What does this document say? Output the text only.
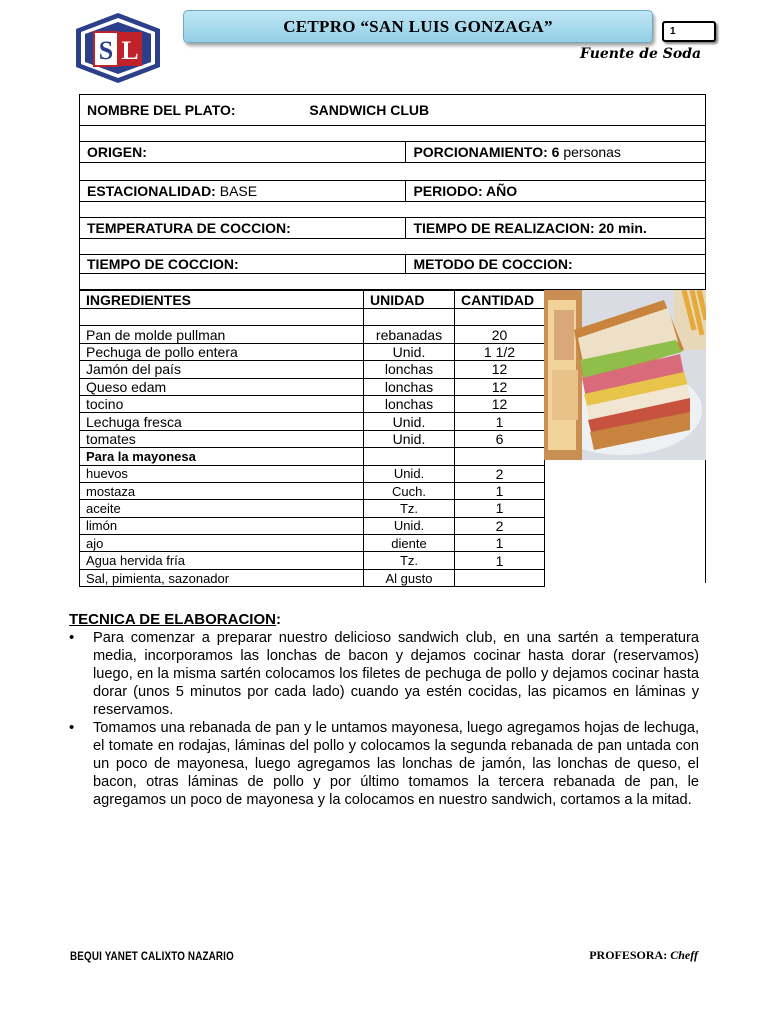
S L
CETPRO “SAN LUIS GONZAGA”	1
Fuente de Soda
NOMBRE DEL PLATO: SANDWICH CLUB	

ORIGEN:	PORCIONAMIENTO: 6 personas

ESTACIONALIDAD: BASE	PERIODO: AÑO

TEMPERATURA DE COCCION:	TIEMPO DE REALIZACION: 20 min.

TIEMPO DE COCCION:	METODO DE COCCION:

INGREDIENTES	UNIDAD	CANTIDAD

Pan de molde pullman	rebanadas	20
Pechuga de pollo entera	Unid.	1 1/2
Jamón del país	lonchas	12
Queso edam	lonchas	12
tocino	lonchas	12
Lechuga fresca	Unid.	1
tomates	Unid.	6
Para la mayonesa		
huevos	Unid.	2
mostaza	Cuch.	1
aceite	Tz.	1
limón	Unid.	2
ajo	diente	1
Agua hervida fría	Tz.	1
Sal, pimienta, sazonador	Al gusto	
TECNICA DE ELABORACION:
• Para comenzar a preparar nuestro delicioso sandwich club, en una sartén a temperatura media, incorporamos las lonchas de bacon y dejamos cocinar hasta dorar (reservamos) luego, en la misma sartén colocamos los filetes de pechuga de pollo y dejamos cocinar hasta dorar (unos 5 minutos por cada lado) cuando ya estén cocidas, las picamos en láminas y reservamos.
• Tomamos una rebanada de pan y le untamos mayonesa, luego agregamos hojas de lechuga, el tomate en rodajas, láminas del pollo y colocamos la segunda rebanada de pan untada con un poco de mayonesa, luego agregamos las lonchas de jamón, las lonchas de queso, el bacon, otras láminas de pollo y por último tomamos la tercera rebanada de pan, le agregamos un poco de mayonesa y la colocamos en nuestro sandwich, cortamos a la mitad.
BEQUI YANET CALIXTO NAZARIO	PROFESORA: Cheff
